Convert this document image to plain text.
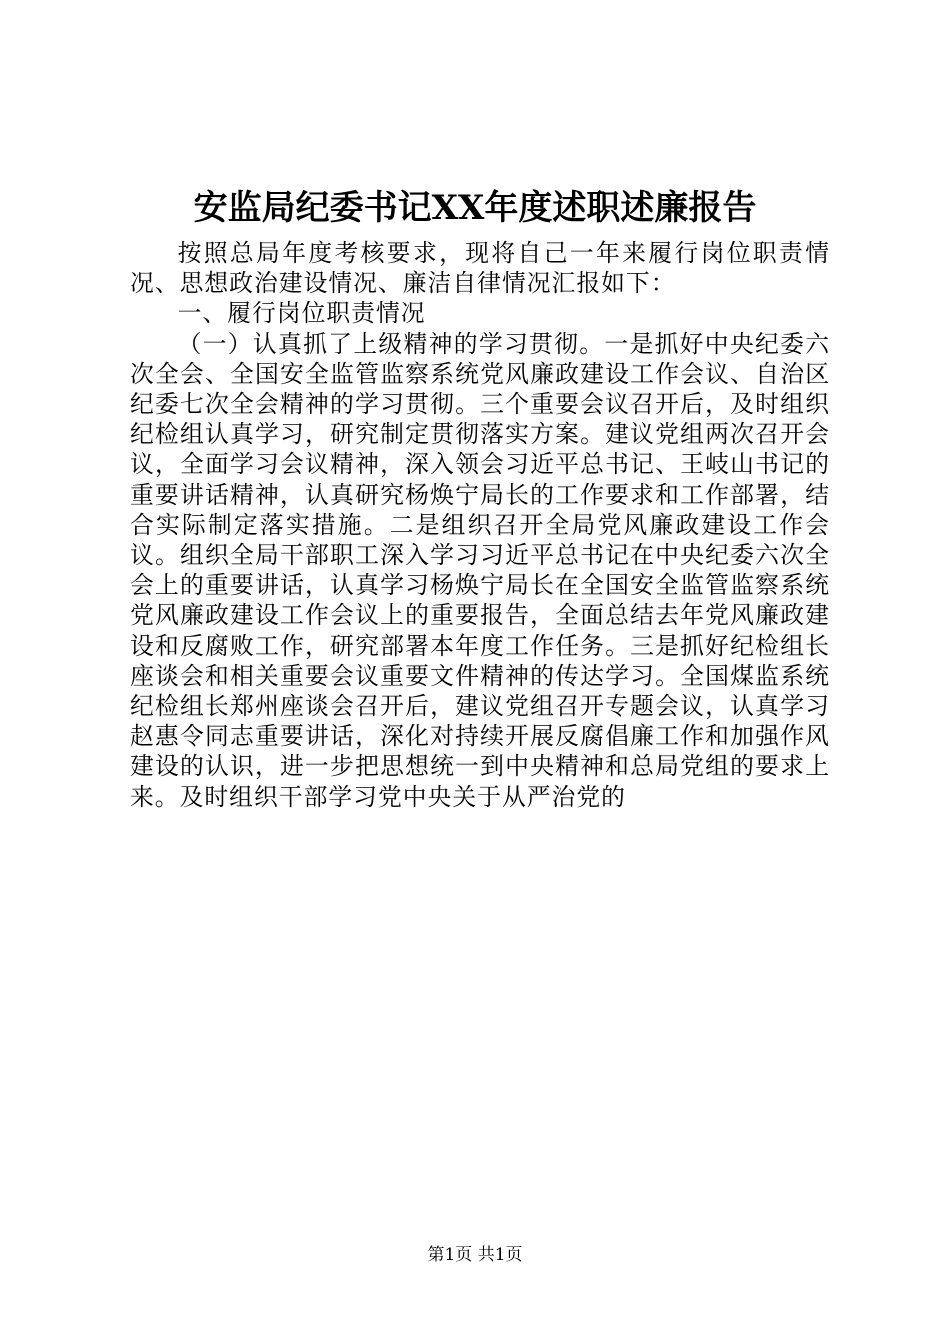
安监局纪委书记XX年度述职述廉报告

按照总局年度考核要求，现将自己一年来履行岗位职责情况、思想政治建设情况、廉洁自律情况汇报如下：

一、履行岗位职责情况

（一）认真抓了上级精神的学习贯彻。一是抓好中央纪委六次全会、全国安全监管监察系统党风廉政建设工作会议、自治区纪委七次全会精神的学习贯彻。三个重要会议召开后，及时组织纪检组认真学习，研究制定贯彻落实方案。建议党组两次召开会议，全面学习会议精神，深入领会习近平总书记、王岐山书记的重要讲话精神，认真研究杨焕宁局长的工作要求和工作部署，结合实际制定落实措施。二是组织召开全局党风廉政建设工作会议。组织全局干部职工深入学习习近平总书记在中央纪委六次全会上的重要讲话，认真学习杨焕宁局长在全国安全监管监察系统党风廉政建设工作会议上的重要报告，全面总结去年党风廉政建设和反腐败工作，研究部署本年度工作任务。三是抓好纪检组长座谈会和相关重要会议重要文件精神的传达学习。全国煤监系统纪检组长郑州座谈会召开后，建议党组召开专题会议，认真学习赵惠令同志重要讲话，深化对持续开展反腐倡廉工作和加强作风建设的认识，进一步把思想统一到中央精神和总局党组的要求上来。及时组织干部学习党中央关于从严治党的

第1页 共1页
